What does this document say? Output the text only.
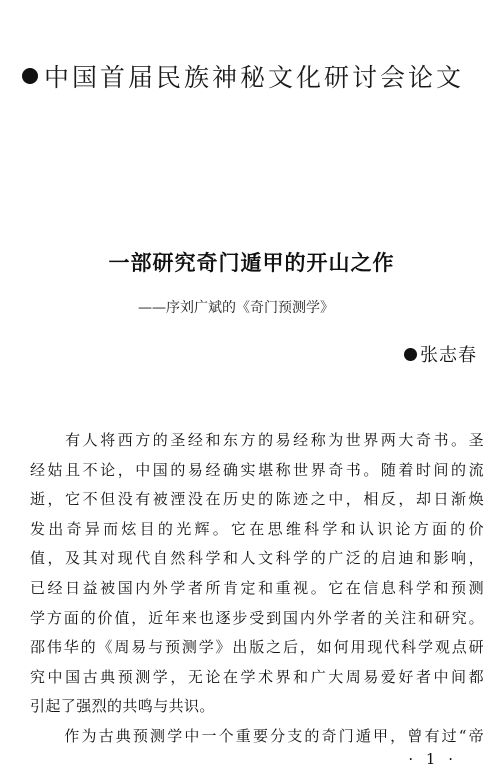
中国首届民族神秘文化研讨会论文
一部研究奇门遁甲的开山之作
——序刘广斌的《奇门预测学》
张志春
　　有人将西方的圣经和东方的易经称为世界两大奇书。圣
经姑且不论，中国的易经确实堪称世界奇书。随着时间的流
逝，它不但没有被湮没在历史的陈迹之中，相反，却日渐焕
发出奇异而炫目的光辉。它在思维科学和认识论方面的价
值，及其对现代自然科学和人文科学的广泛的启迪和影响，
已经日益被国内外学者所肯定和重视。它在信息科学和预测
学方面的价值，近年来也逐步受到国内外学者的关注和研究。
邵伟华的《周易与预测学》出版之后，如何用现代科学观点研
究中国古典预测学，无论在学术界和广大周易爱好者中间都
引起了强烈的共鸣与共识。
　　作为古典预测学中一个重要分支的奇门遁甲，曾有过“帝
· 1 ·
